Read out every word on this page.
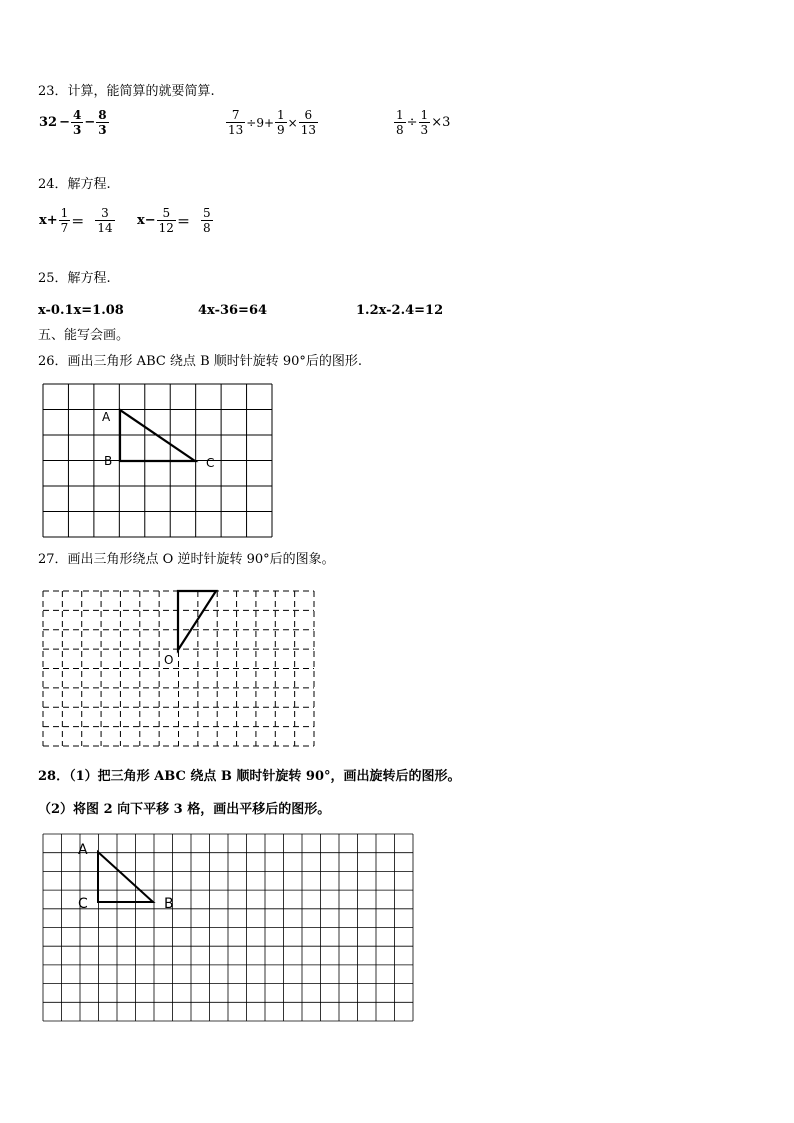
23．计算，能简算的就要简算.
$32 - \frac{4}{3} - \frac{8}{3}$	$\frac{7}{13} \div 9+ \frac{1}{9} \times \frac{6}{13}$	$\frac{1}{8} \div \frac{1}{3} \times 3$
24．解方程.
$x+ \frac{1}{7} = \frac{3}{14} x- \frac{5}{12} = \frac{5}{8}$
25．解方程.
x-0.1x=1.08	4x-36=64	1.2x-2.4=12
五、能写会画。
26．画出三角形 ABC 绕点 B 顺时针旋转 90°后的图形.
A
B	C
27．画出三角形绕点 O 逆时针旋转 90°后的图象。
O
28．（1）把三角形 ABC 绕点 B 顺时针旋转 90°，画出旋转后的图形。
（2）将图 2 向下平移 3 格，画出平移后的图形。
A
C	B
